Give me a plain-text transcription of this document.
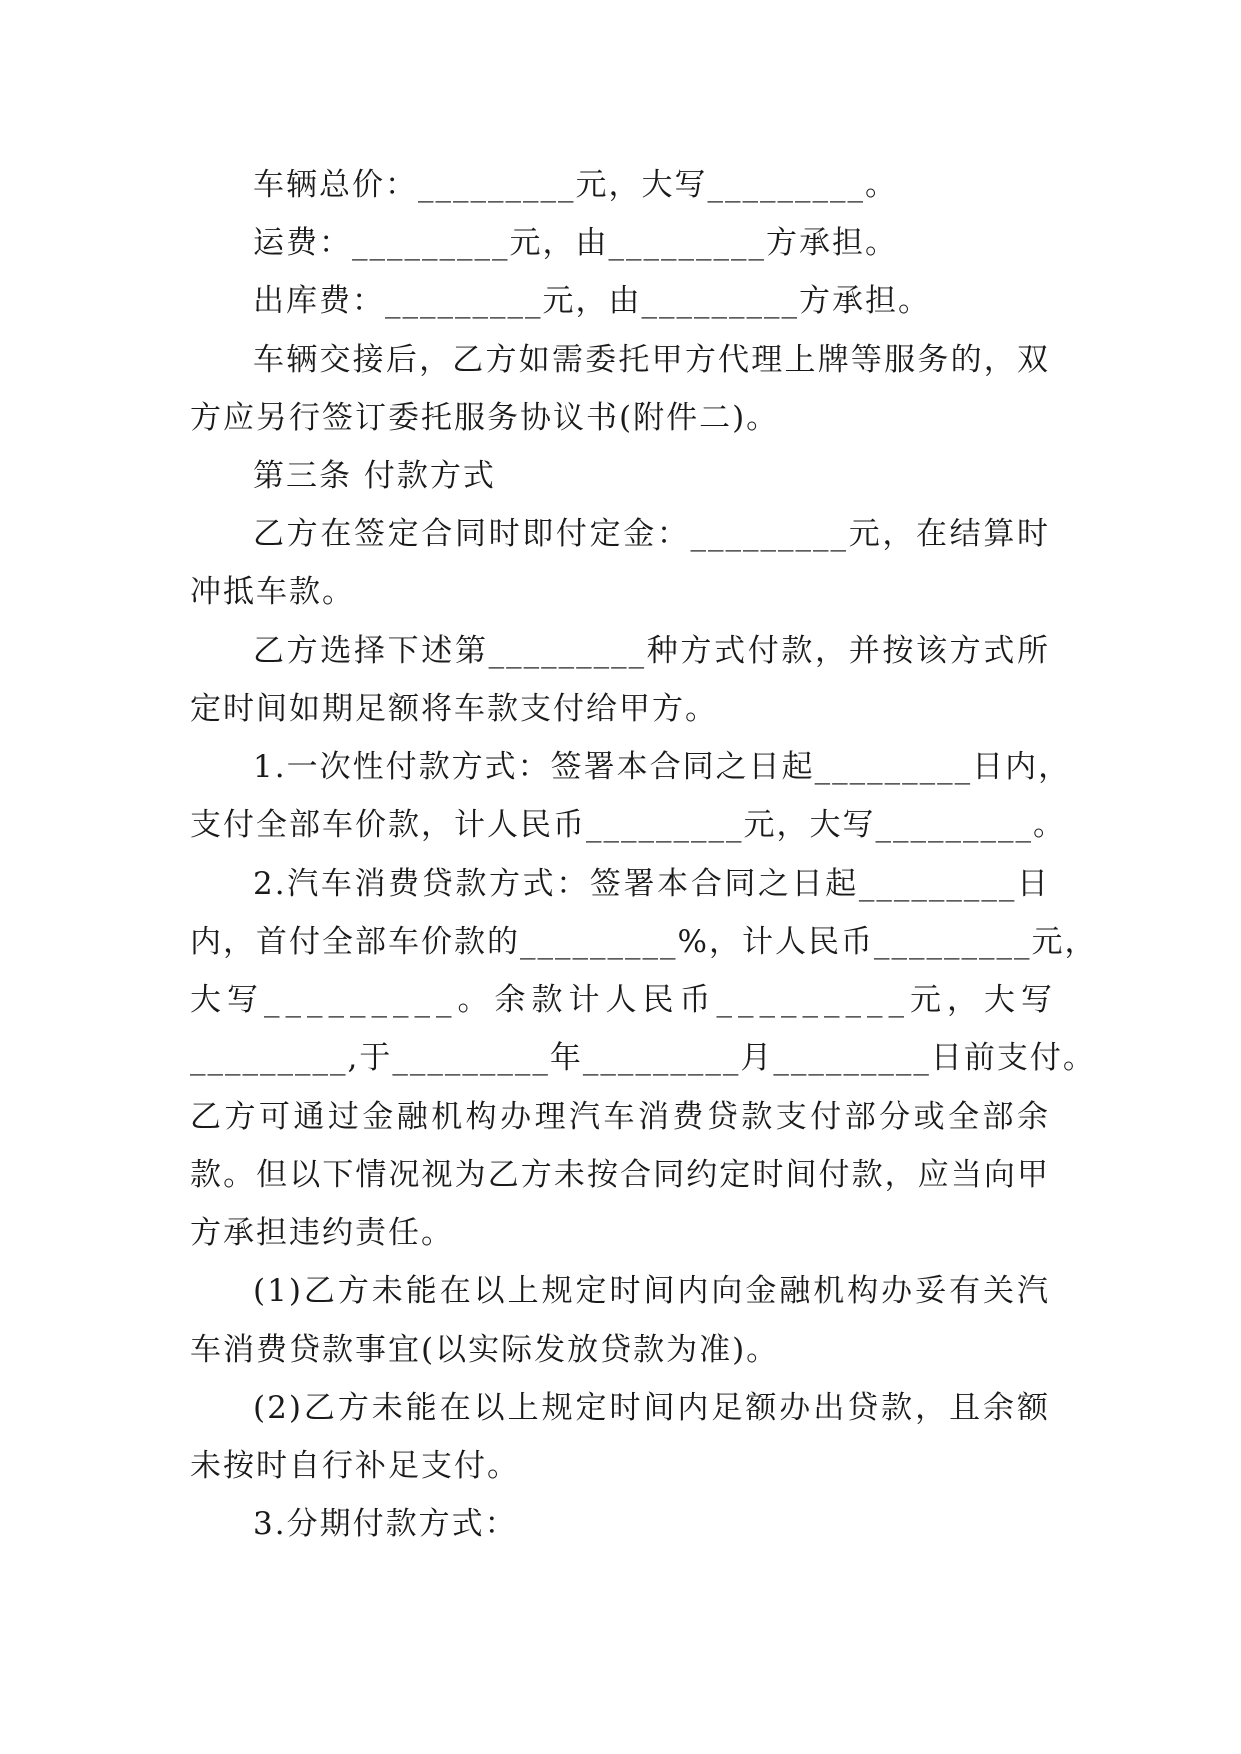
车辆总价：_________元，大写_________。
运费：_________元，由_________方承担。
出库费：_________元，由_________方承担。
车辆交接后，乙方如需委托甲方代理上牌等服务的，双
方应另行签订委托服务协议书(附件二)。
第三条 付款方式
乙方在签定合同时即付定金：_________元，在结算时
冲抵车款。
乙方选择下述第_________种方式付款，并按该方式所
定时间如期足额将车款支付给甲方。
1.一次性付款方式：签署本合同之日起_________日内，
支付全部车价款，计人民币_________元，大写_________。
2.汽车消费贷款方式：签署本合同之日起_________日
内，首付全部车价款的_________%，计人民币_________元，
大写_________。余款计人民币_________元，大写
_________,于_________年_________月_________日前支付。
乙方可通过金融机构办理汽车消费贷款支付部分或全部余
款。但以下情况视为乙方未按合同约定时间付款，应当向甲
方承担违约责任。
(1)乙方未能在以上规定时间内向金融机构办妥有关汽
车消费贷款事宜(以实际发放贷款为准)。
(2)乙方未能在以上规定时间内足额办出贷款，且余额
未按时自行补足支付。
3.分期付款方式：
